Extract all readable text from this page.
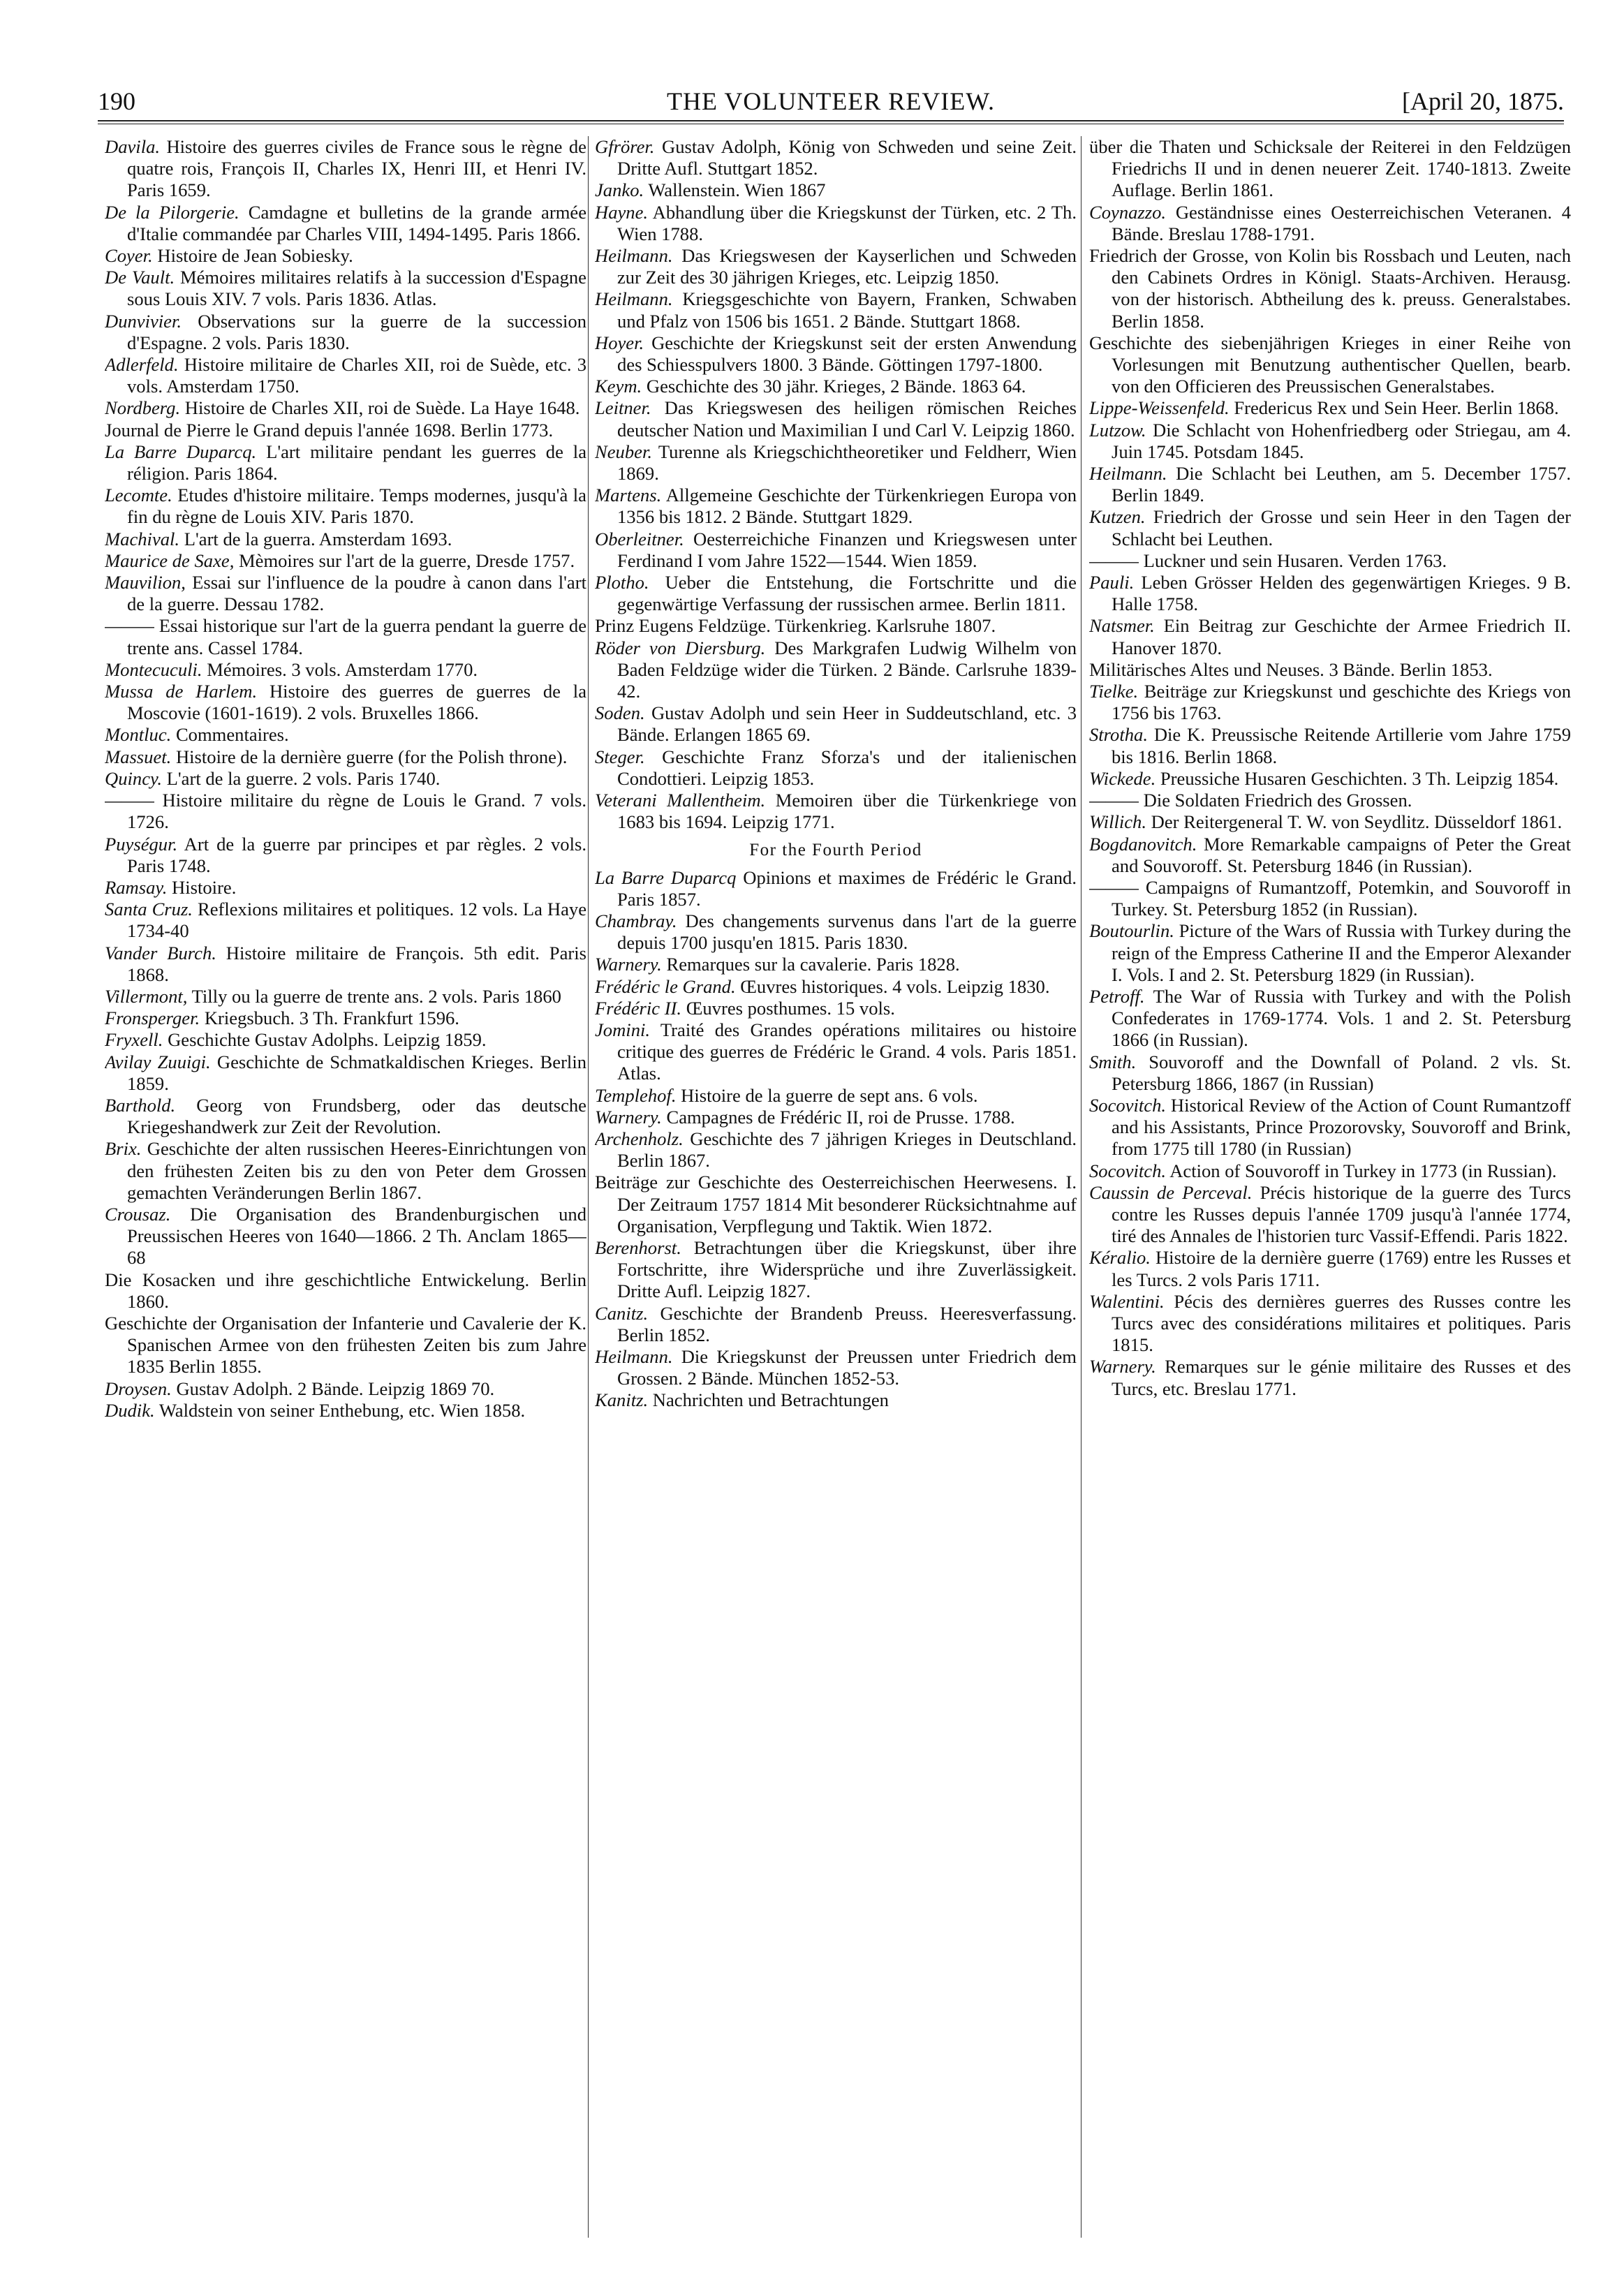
190	THE VOLUNTEER REVIEW.	[April 20, 1875.

Davila. Histoire des guerres civiles de France sous le règne de quatre rois, François II, Charles IX, Henri III, et Henri IV. Paris 1659.

De la Pilorgerie. Camdagne et bulletins de la grande armée d'Italie commandée par Charles VIII, 1494-1495. Paris 1866.

Coyer. Histoire de Jean Sobiesky.

De Vault. Mémoires militaires relatifs à la succession d'Espagne sous Louis XIV. 7 vols. Paris 1836. Atlas.

Dunvivier. Observations sur la guerre de la succession d'Espagne. 2 vols. Paris 1830.

Adlerfeld. Histoire militaire de Charles XII, roi de Suède, etc. 3 vols. Amsterdam 1750.

Nordberg. Histoire de Charles XII, roi de Suède. La Haye 1648.

Journal de Pierre le Grand depuis l'année 1698. Berlin 1773.

La Barre Duparcq. L'art militaire pendant les guerres de la réligion. Paris 1864.

Lecomte. Etudes d'histoire militaire. Temps modernes, jusqu'à la fin du règne de Louis XIV. Paris 1870.

Machival. L'art de la guerra. Amsterdam 1693.

Maurice de Saxe, Mèmoires sur l'art de la guerre, Dresde 1757.

Mauvilion, Essai sur l'influence de la poudre à canon dans l'art de la guerre. Dessau 1782.

——— Essai historique sur l'art de la guerra pendant la guerre de trente ans. Cassel 1784.

Montecuculi. Mémoires. 3 vols. Amsterdam 1770.

Mussa de Harlem. Histoire des guerres de guerres de la Moscovie (1601-1619). 2 vols. Bruxelles 1866.

Montluc. Commentaires.

Massuet. Histoire de la dernière guerre (for the Polish throne).

Quincy. L'art de la guerre. 2 vols. Paris 1740.

——— Histoire militaire du règne de Louis le Grand. 7 vols. 1726.

Puységur. Art de la guerre par principes et par règles. 2 vols. Paris 1748.

Ramsay. Histoire.

Santa Cruz. Reflexions militaires et politiques. 12 vols. La Haye 1734-40

Vander Burch. Histoire militaire de François. 5th edit. Paris 1868.

Villermont, Tilly ou la guerre de trente ans. 2 vols. Paris 1860

Fronsperger. Kriegsbuch. 3 Th. Frankfurt 1596.

Fryxell. Geschichte Gustav Adolphs. Leipzig 1859.

Avilay Zuuigi. Geschichte de Schmatkaldischen Krieges. Berlin 1859.

Barthold. Georg von Frundsberg, oder das deutsche Kriegeshandwerk zur Zeit der Revolution.

Brix. Geschichte der alten russischen Heeres-Einrichtungen von den frühesten Zeiten bis zu den von Peter dem Grossen gemachten Veränderungen Berlin 1867.

Crousaz. Die Organisation des Brandenburgischen und Preussischen Heeres von 1640—1866. 2 Th. Anclam 1865—68

Die Kosacken und ihre geschichtliche Entwickelung. Berlin 1860.

Geschichte der Organisation der Infanterie und Cavalerie der K. Spanischen Armee von den frühesten Zeiten bis zum Jahre 1835 Berlin 1855.

Droysen. Gustav Adolph. 2 Bände. Leipzig 1869 70.

Dudik. Waldstein von seiner Enthebung, etc. Wien 1858.

Gfrörer. Gustav Adolph, König von Schweden und seine Zeit. Dritte Aufl. Stuttgart 1852.

Janko. Wallenstein. Wien 1867

Hayne. Abhandlung über die Kriegskunst der Türken, etc. 2 Th. Wien 1788.

Heilmann. Das Kriegswesen der Kayserlichen und Schweden zur Zeit des 30 jährigen Krieges, etc. Leipzig 1850.

Heilmann. Kriegsgeschichte von Bayern, Franken, Schwaben und Pfalz von 1506 bis 1651. 2 Bände. Stuttgart 1868.

Hoyer. Geschichte der Kriegskunst seit der ersten Anwendung des Schiesspulvers 1800. 3 Bände. Göttingen 1797-1800.

Keym. Geschichte des 30 jähr. Krieges, 2 Bände. 1863 64.

Leitner. Das Kriegswesen des heiligen römischen Reiches deutscher Nation und Maximilian I und Carl V. Leipzig 1860.

Neuber. Turenne als Kriegschichtheoretiker und Feldherr, Wien 1869.

Martens. Allgemeine Geschichte der Türkenkriegen Europa von 1356 bis 1812. 2 Bände. Stuttgart 1829.

Oberleitner. Oesterreichiche Finanzen und Kriegswesen unter Ferdinand I vom Jahre 1522—1544. Wien 1859.

Plotho. Ueber die Entstehung, die Fortschritte und die gegenwärtige Verfassung der russischen armee. Berlin 1811.

Prinz Eugens Feldzüge. Türkenkrieg. Karlsruhe 1807.

Röder von Diersburg. Des Markgrafen Ludwig Wilhelm von Baden Feldzüge wider die Türken. 2 Bände. Carlsruhe 1839-42.

Soden. Gustav Adolph und sein Heer in Suddeutschland, etc. 3 Bände. Erlangen 1865 69.

Steger. Geschichte Franz Sforza's und der italienischen Condottieri. Leipzig 1853.

Veterani Mallentheim. Memoiren über die Türkenkriege von 1683 bis 1694. Leipzig 1771.

For the Fourth Period

La Barre Duparcq Opinions et maximes de Frédéric le Grand. Paris 1857.

Chambray. Des changements survenus dans l'art de la guerre depuis 1700 jusqu'en 1815. Paris 1830.

Warnery. Remarques sur la cavalerie. Paris 1828.

Frédéric le Grand. Œuvres historiques. 4 vols. Leipzig 1830.

Frédéric II. Œuvres posthumes. 15 vols.

Jomini. Traité des Grandes opérations militaires ou histoire critique des guerres de Frédéric le Grand. 4 vols. Paris 1851. Atlas.

Templehof. Histoire de la guerre de sept ans. 6 vols.

Warnery. Campagnes de Frédéric II, roi de Prusse. 1788.

Archenholz. Geschichte des 7 jährigen Krieges in Deutschland. Berlin 1867.

Beiträge zur Geschichte des Oesterreichischen Heerwesens. I. Der Zeitraum 1757 1814 Mit besonderer Rücksichtnahme auf Organisation, Verpflegung und Taktik. Wien 1872.

Berenhorst. Betrachtungen über die Kriegskunst, über ihre Fortschritte, ihre Widersprüche und ihre Zuverlässigkeit. Dritte Aufl. Leipzig 1827.

Canitz. Geschichte der Brandenb Preuss. Heeresverfassung. Berlin 1852.

Heilmann. Die Kriegskunst der Preussen unter Friedrich dem Grossen. 2 Bände. München 1852-53.

Kanitz. Nachrichten und Betrachtungen

über die Thaten und Schicksale der Reiterei in den Feldzügen Friedrichs II und in denen neuerer Zeit. 1740-1813. Zweite Auflage. Berlin 1861.

Coynazzo. Geständnisse eines Oesterreichischen Veteranen. 4 Bände. Breslau 1788-1791.

Friedrich der Grosse, von Kolin bis Rossbach und Leuten, nach den Cabinets Ordres in Königl. Staats-Archiven. Herausg. von der historisch. Abtheilung des k. preuss. Generalstabes. Berlin 1858.

Geschichte des siebenjährigen Krieges in einer Reihe von Vorlesungen mit Benutzung authentischer Quellen, bearb. von den Officieren des Preussischen Generalstabes.

Lippe-Weissenfeld. Fredericus Rex und Sein Heer. Berlin 1868.

Lutzow. Die Schlacht von Hohenfriedberg oder Striegau, am 4. Juin 1745. Potsdam 1845.

Heilmann. Die Schlacht bei Leuthen, am 5. December 1757. Berlin 1849.

Kutzen. Friedrich der Grosse und sein Heer in den Tagen der Schlacht bei Leuthen.

——— Luckner und sein Husaren. Verden 1763.

Pauli. Leben Grösser Helden des gegenwärtigen Krieges. 9 B. Halle 1758.

Natsmer. Ein Beitrag zur Geschichte der Armee Friedrich II. Hanover 1870.

Militärisches Altes und Neuses. 3 Bände. Berlin 1853.

Tielke. Beiträge zur Kriegskunst und geschichte des Kriegs von 1756 bis 1763.

Strotha. Die K. Preussische Reitende Artillerie vom Jahre 1759 bis 1816. Berlin 1868.

Wickede. Preussiche Husaren Geschichten. 3 Th. Leipzig 1854.

——— Die Soldaten Friedrich des Grossen.

Willich. Der Reitergeneral T. W. von Seydlitz. Düsseldorf 1861.

Bogdanovitch. More Remarkable campaigns of Peter the Great and Souvoroff. St. Petersburg 1846 (in Russian).

——— Campaigns of Rumantzoff, Potemkin, and Souvoroff in Turkey. St. Petersburg 1852 (in Russian).

Boutourlin. Picture of the Wars of Russia with Turkey during the reign of the Empress Catherine II and the Emperor Alexander I. Vols. I and 2. St. Petersburg 1829 (in Russian).

Petroff. The War of Russia with Turkey and with the Polish Confederates in 1769-1774. Vols. 1 and 2. St. Petersburg 1866 (in Russian).

Smith. Souvoroff and the Downfall of Poland. 2 vls. St. Petersburg 1866, 1867 (in Russian)

Socovitch. Historical Review of the Action of Count Rumantzoff and his Assistants, Prince Prozorovsky, Souvoroff and Brink, from 1775 till 1780 (in Russian)

Socovitch. Action of Souvoroff in Turkey in 1773 (in Russian).

Caussin de Perceval. Précis historique de la guerre des Turcs contre les Russes depuis l'année 1709 jusqu'à l'année 1774, tiré des Annales de l'historien turc Vassif-Effendi. Paris 1822.

Kéralio. Histoire de la dernière guerre (1769) entre les Russes et les Turcs. 2 vols Paris 1711.

Walentini. Pécis des dernières guerres des Russes contre les Turcs avec des considérations militaires et politiques. Paris 1815.

Warnery. Remarques sur le génie militaire des Russes et des Turcs, etc. Breslau 1771.
